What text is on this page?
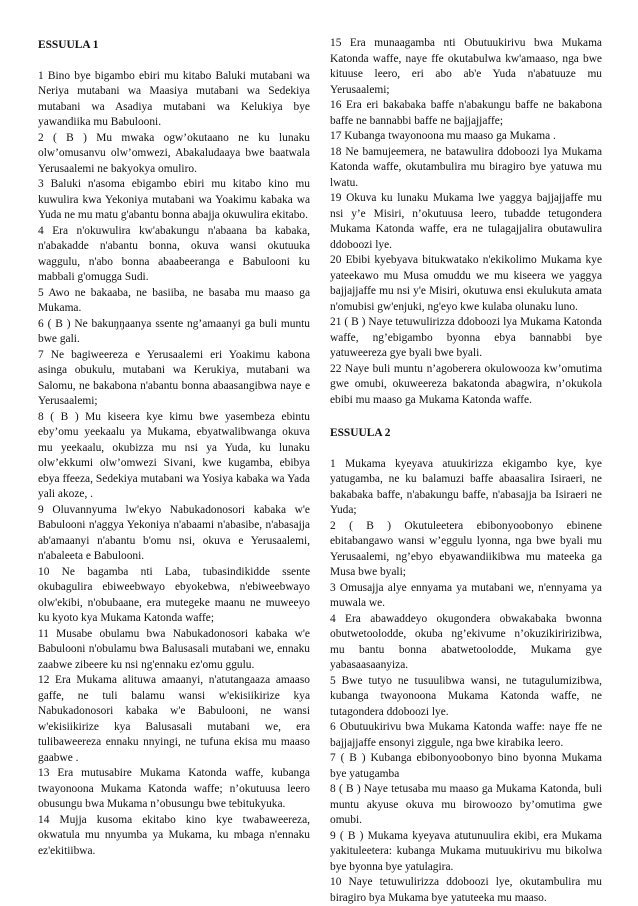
ESSUULA 1

1 Bino bye bigambo ebiri mu kitabo Baluki mutabani wa Neriya mutabani wa Maasiya mutabani wa Sedekiya mutabani wa Asadiya mutabani wa Kelukiya bye yawandiika mu Babulooni.

2 ( B ) Mu mwaka ogw’okutaano ne ku lunaku olw’omusanvu olw’omwezi, Abakaludaaya bwe baatwala Yerusaalemi ne bakyokya omuliro.

3 Baluki n'asoma ebigambo ebiri mu kitabo kino mu kuwulira kwa Yekoniya mutabani wa Yoakimu kabaka wa Yuda ne mu matu g'abantu bonna abajja okuwulira ekitabo.

4 Era n'okuwulira kw'abakungu n'abaana ba kabaka, n'abakadde n'abantu bonna, okuva wansi okutuuka waggulu, n'abo bonna abaabeeranga e Babulooni ku mabbali g'omugga Sudi.

5 Awo ne bakaaba, ne basiiba, ne basaba mu maaso ga Mukama.

6 ( B ) Ne bakuŋŋaanya ssente ng’amaanyi ga buli muntu bwe gali.

7 Ne bagiweereza e Yerusaalemi eri Yoakimu kabona asinga obukulu, mutabani wa Kerukiya, mutabani wa Salomu, ne bakabona n'abantu bonna abaasangibwa naye e Yerusaalemi;

8 ( B ) Mu kiseera kye kimu bwe yasembeza ebintu eby’omu yeekaalu ya Mukama, ebyatwalibwanga okuva mu yeekaalu, okubizza mu nsi ya Yuda, ku lunaku olw’ekkumi olw’omwezi Sivani, kwe kugamba, ebibya ebya ffeeza, Sedekiya mutabani wa Yosiya kabaka wa Yada yali akoze, .

9 Oluvannyuma lw'ekyo Nabukadonosori kabaka w'e Babulooni n'aggya Yekoniya n'abaami n'abasibe, n'abasajja ab'amaanyi n'abantu b'omu nsi, okuva e Yerusaalemi, n'abaleeta e Babulooni.

10 Ne bagamba nti Laba, tubasindikidde ssente okubagulira ebiweebwayo ebyokebwa, n'ebiweebwayo olw'ekibi, n'obubaane, era mutegeke maanu ne muweeyo ku kyoto kya Mukama Katonda waffe;

11 Musabe obulamu bwa Nabukadonosori kabaka w'e Babulooni n'obulamu bwa Balusasali mutabani we, ennaku zaabwe zibeere ku nsi ng'ennaku ez'omu ggulu.

12 Era Mukama alituwa amaanyi, n'atutangaaza amaaso gaffe, ne tuli balamu wansi w'ekisiikirize kya Nabukadonosori kabaka w'e Babulooni, ne wansi w'ekisiikirize kya Balusasali mutabani we, era tulibaweereza ennaku nnyingi, ne tufuna ekisa mu maaso gaabwe .

13 Era mutusabire Mukama Katonda waffe, kubanga twayonoona Mukama Katonda waffe; n’okutuusa leero obusungu bwa Mukama n’obusungu bwe tebitukyuka.

14 Mujja kusoma ekitabo kino kye twabaweereza, okwatula mu nnyumba ya Mukama, ku mbaga n'ennaku ez'ekitiibwa.

15 Era munaagamba nti Obutuukirivu bwa Mukama Katonda waffe, naye ffe okutabulwa kw'amaaso, nga bwe kituuse leero, eri abo ab'e Yuda n'abatuuze mu Yerusaalemi;

16 Era eri bakabaka baffe n'abakungu baffe ne bakabona baffe ne bannabbi baffe ne bajjajjaffe;

17 Kubanga twayonoona mu maaso ga Mukama .

18 Ne bamujeemera, ne batawulira ddoboozi lya Mukama Katonda waffe, okutambulira mu biragiro bye yatuwa mu lwatu.

19 Okuva ku lunaku Mukama lwe yaggya bajjajjaffe mu nsi y’e Misiri, n’okutuusa leero, tubadde tetugondera Mukama Katonda waffe, era ne tulagajjalira obutawulira ddoboozi lye.

20 Ebibi kyebyava bitukwatako n'ekikolimo Mukama kye yateekawo mu Musa omuddu we mu kiseera we yaggya bajjajjaffe mu nsi y'e Misiri, okutuwa ensi ekulukuta amata n'omubisi gw'enjuki, ng'eyo kwe kulaba olunaku luno.

21 ( B ) Naye tetuwulirizza ddoboozi lya Mukama Katonda waffe, ng’ebigambo byonna ebya bannabbi bye yatuweereza gye byali bwe byali.

22 Naye buli muntu n’agoberera okulowooza kw’omutima gwe omubi, okuweereza bakatonda abagwira, n’okukola ebibi mu maaso ga Mukama Katonda waffe.

ESSUULA 2

1 Mukama kyeyava atuukirizza ekigambo kye, kye yatugamba, ne ku balamuzi baffe abaasalira Isiraeri, ne bakabaka baffe, n'abakungu baffe, n'abasajja ba Isiraeri ne Yuda;

2 ( B ) Okutuleetera ebibonyoobonyo ebinene ebitabangawo wansi w’eggulu lyonna, nga bwe byali mu Yerusaalemi, ng’ebyo ebyawandiikibwa mu mateeka ga Musa bwe byali;

3 Omusajja alye ennyama ya mutabani we, n'ennyama ya muwala we.

4 Era abawaddeyo okugondera obwakabaka bwonna obutwetoolodde, okuba ng’ekivume n’okuzikiririzibwa, mu bantu bonna abatwetoolodde, Mukama gye yabasaasaanyiza.

5 Bwe tutyo ne tusuulibwa wansi, ne tutagulumizibwa, kubanga twayonoona Mukama Katonda waffe, ne tutagondera ddoboozi lye.

6 Obutuukirivu bwa Mukama Katonda waffe: naye ffe ne bajjajjaffe ensonyi ziggule, nga bwe kirabika leero.

7 ( B ) Kubanga ebibonyoobonyo bino byonna Mukama bye yatugamba

8 ( B ) Naye tetusaba mu maaso ga Mukama Katonda, buli muntu akyuse okuva mu birowoozo by’omutima gwe omubi.

9 ( B ) Mukama kyeyava atutunuulira ekibi, era Mukama yakituleetera: kubanga Mukama mutuukirivu mu bikolwa bye byonna bye yatulagira.

10 Naye tetuwulirizza ddoboozi lye, okutambulira mu biragiro bya Mukama bye yatuteeka mu maaso.
